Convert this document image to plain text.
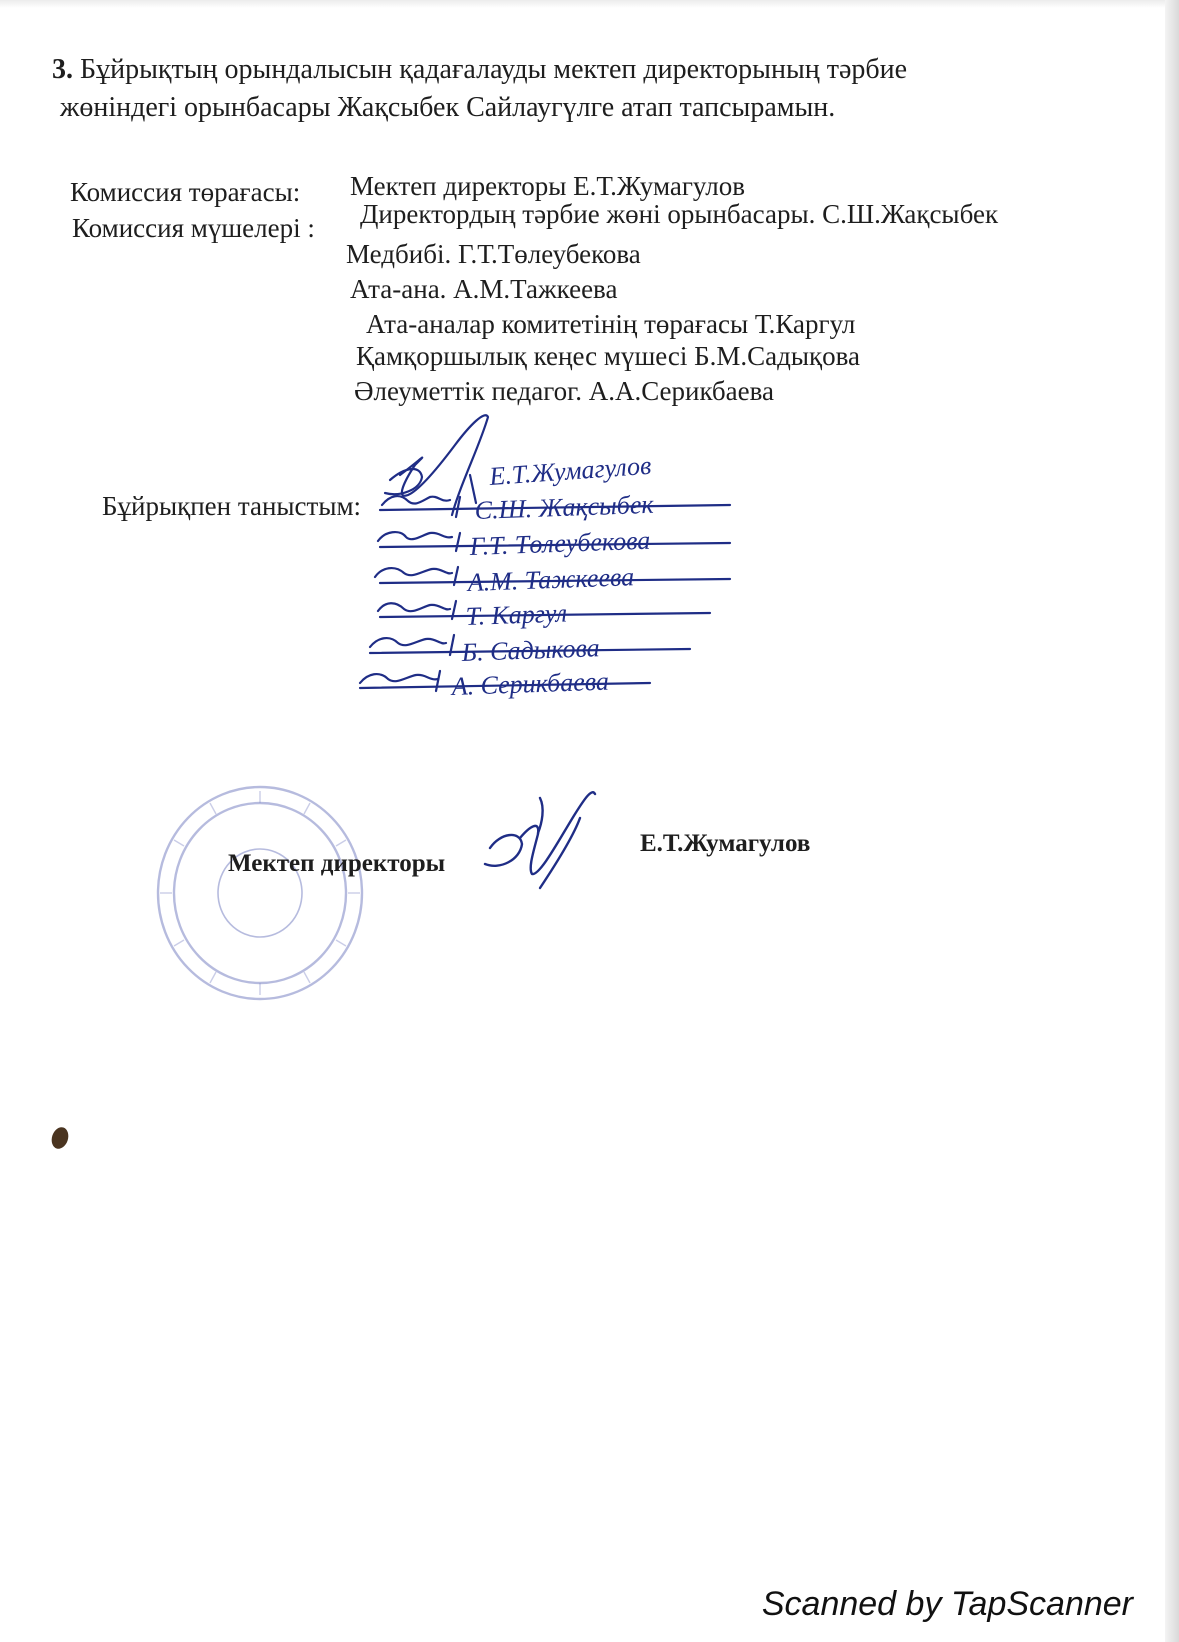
3. Бұйрықтың орындалысын қадағалауды мектеп директорының тәрбие
жөніндегі орынбасары Жақсыбек Сайлаугүлге атап тапсырамын.
Комиссия төрағасы: Мектеп директоры Е.Т.Жумагулов
Комиссия мүшелері : Директордың тәрбие жөні орынбасары. С.Ш.Жақсыбек
Медбибі. Г.Т.Төлеубекова
Ата-ана. А.М.Тажкеева
Ата-аналар комитетінің төрағасы Т.Каргул
Қамқоршылық кеңес мүшесі Б.М.Садықова
Әлеуметтік педагог. А.А.Серикбаева
Бұйрықпен таныстым:
Е.Т.Жумагулов
С.Ш. Жақсыбек
Г.Т. Төлеубекова
А.М. Тажкеева
Т. Каргул
Б. Садыкова
А. Серикбаева
Мектеп директоры
Е.Т.Жумагулов
Scanned by TapScanner
